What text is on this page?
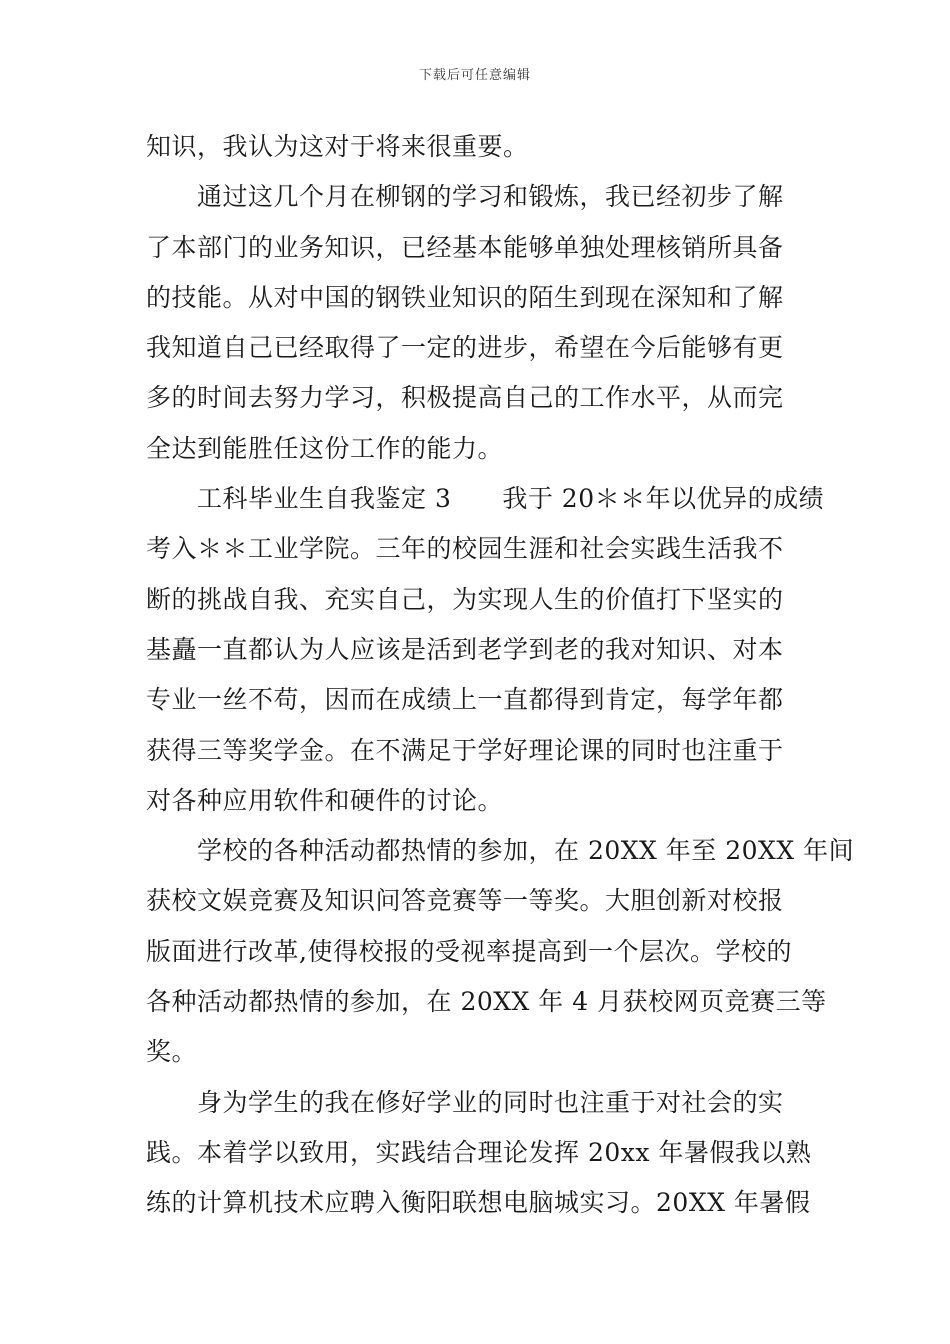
下载后可任意编辑
知识，我认为这对于将来很重要。
通过这几个月在柳钢的学习和锻炼，我已经初步了解
了本部门的业务知识，已经基本能够单独处理核销所具备
的技能。从对中国的钢铁业知识的陌生到现在深知和了解
我知道自己已经取得了一定的进步，希望在今后能够有更
多的时间去努力学习，积极提高自己的工作水平，从而完
全达到能胜任这份工作的能力。
工科毕业生自我鉴定 3　　我于 20＊＊年以优异的成绩
考入＊＊工业学院。三年的校园生涯和社会实践生活我不
断的挑战自我、充实自己，为实现人生的价值打下坚实的
基矗一直都认为人应该是活到老学到老的我对知识、对本
专业一丝不苟，因而在成绩上一直都得到肯定，每学年都
获得三等奖学金。在不满足于学好理论课的同时也注重于
对各种应用软件和硬件的讨论。
学校的各种活动都热情的参加，在 20XX 年至 20XX 年间
获校文娱竞赛及知识问答竞赛等一等奖。大胆创新对校报
版面进行改革,使得校报的受视率提高到一个层次。学校的
各种活动都热情的参加，在 20XX 年 4 月获校网页竞赛三等
奖。
身为学生的我在修好学业的同时也注重于对社会的实
践。本着学以致用，实践结合理论发挥 20xx 年暑假我以熟
练的计算机技术应聘入衡阳联想电脑城实习。20XX 年暑假
